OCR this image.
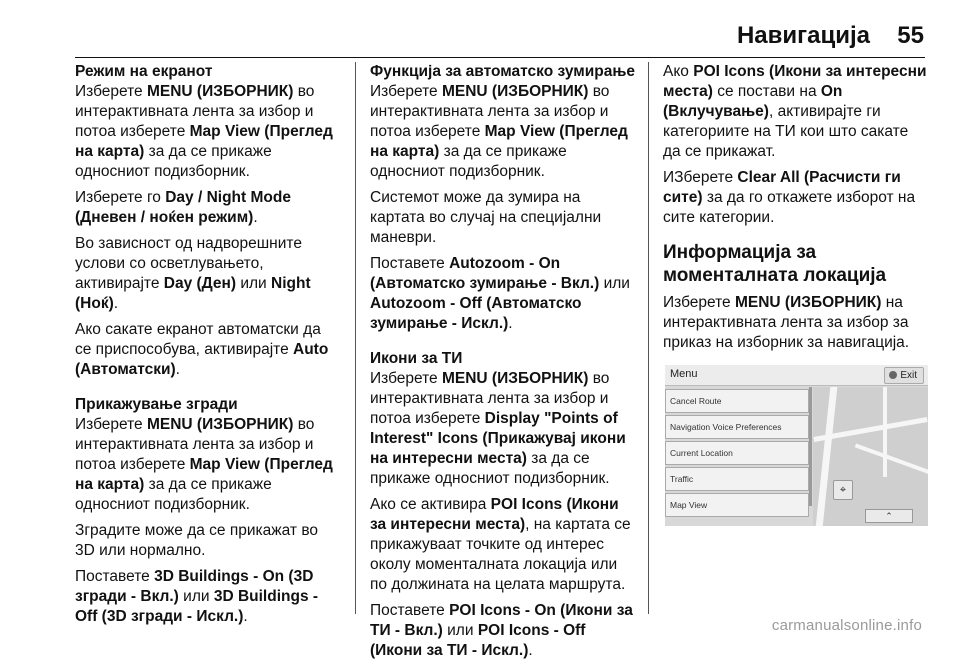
Навигација 55

Режим на екранот

Изберете MENU (ИЗБОРНИК) во интерактивната лента за избор и потоа изберете Map View (Преглед на карта) за да се прикаже односниот подизборник.

Изберете го Day / Night Mode (Дневен / ноќен режим).

Во зависност од надворешните услови со осветлувањето, активирајте Day (Ден) или Night (Ноќ).

Ако сакате екранот автоматски да се приспособува, активирајте Auto (Автоматски).

Прикажување згради

Изберете MENU (ИЗБОРНИК) во интерактивната лента за избор и потоа изберете Map View (Преглед на карта) за да се прикаже односниот подизборник.

Зградите може да се прикажат во 3D или нормално.

Поставете 3D Buildings - On (3D згради - Вкл.) или 3D Buildings - Off (3D згради - Искл.).

Функција за автоматско зумирање

Изберете MENU (ИЗБОРНИК) во интерактивната лента за избор и потоа изберете Map View (Преглед на карта) за да се прикаже односниот подизборник.

Системот може да зумира на картата во случај на специјални маневри.

Поставете Autozoom - On (Автоматско зумирање - Вкл.) или Autozoom - Off (Автоматско зумирање - Искл.).

Икони за ТИ

Изберете MENU (ИЗБОРНИК) во интерактивната лента за избор и потоа изберете Display "Points of Interest" Icons (Прикажувај икони на интересни места) за да се прикаже односниот подизборник.

Ако се активира POI Icons (Икони за интересни места), на картата се прикажуваат точките од интерес околу моменталната локација или по должината на целата маршрута.

Поставете POI Icons - On (Икони за ТИ - Вкл.) или POI Icons - Off (Икони за ТИ - Искл.).

Ако POI Icons (Икони за интересни места) се постави на On (Вклучување), активирајте ги категориите на ТИ кои што сакате да се прикажат.

ИЗберете Clear All (Расчисти ги сите) за да го откажете изборот на сите категории.

Информација за моменталната локација

Изберете MENU (ИЗБОРНИК) на интерактивната лента за избор за приказ на изборник за навигација.

Menu	Exit
Cancel Route
Navigation Voice Preferences
Current Location
Traffic
Map View
⌖
⌃
carmanualsonline.info
